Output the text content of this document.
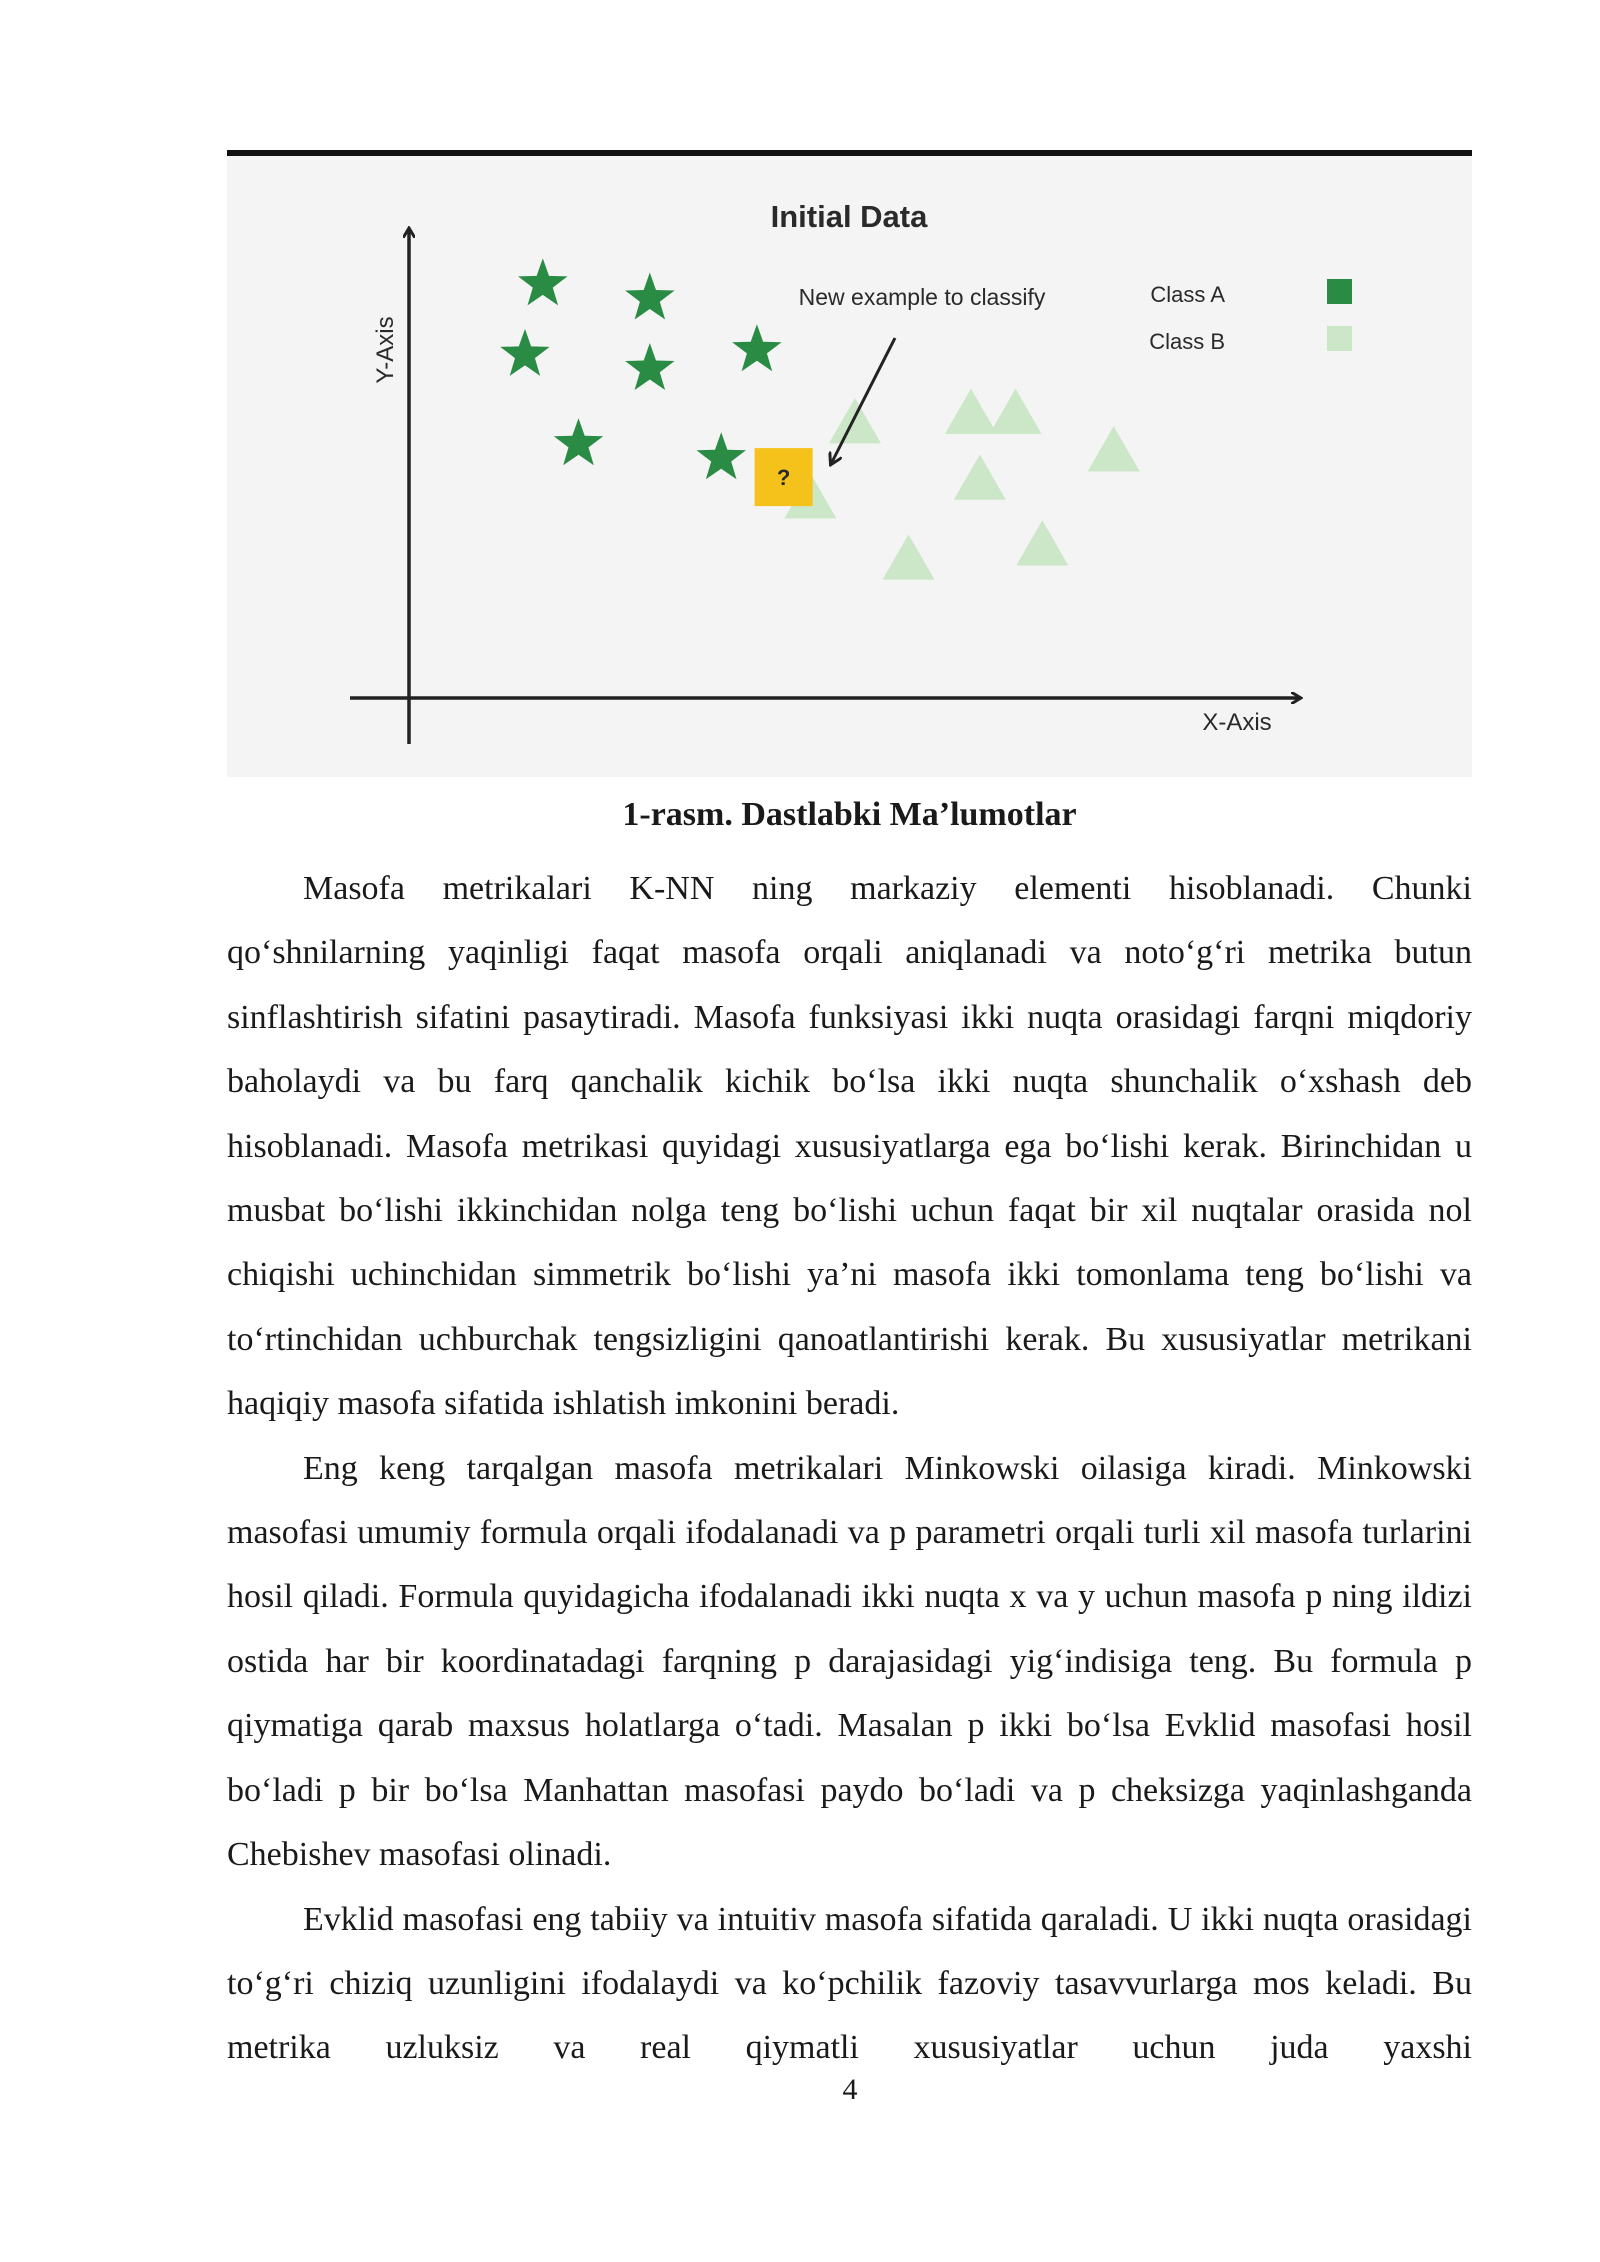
Initial Data
X-Axis
Y-Axis
?
New example to classify	Class A
Class B
1-rasm. Dastlabki Ma’lumotlar

Masofa metrikalari K-NN ning markaziy elementi hisoblanadi. Chunki qo‘shnilarning yaqinligi faqat masofa orqali aniqlanadi va noto‘g‘ri metrika butun sinflashtirish sifatini pasaytiradi. Masofa funksiyasi ikki nuqta orasidagi farqni miqdoriy baholaydi va bu farq qanchalik kichik bo‘lsa ikki nuqta shunchalik o‘xshash deb hisoblanadi. Masofa metrikasi quyidagi xususiyatlarga ega bo‘lishi kerak. Birinchidan u musbat bo‘lishi ikkinchidan nolga teng bo‘lishi uchun faqat bir xil nuqtalar orasida nol chiqishi uchinchidan simmetrik bo‘lishi ya’ni masofa ikki tomonlama teng bo‘lishi va to‘rtinchidan uchburchak tengsizligini qanoatlantirishi kerak. Bu xususiyatlar metrikani haqiqiy masofa sifatida ishlatish imkonini beradi.

Eng keng tarqalgan masofa metrikalari Minkowski oilasiga kiradi. Minkowski masofasi umumiy formula orqali ifodalanadi va p parametri orqali turli xil masofa turlarini hosil qiladi. Formula quyidagicha ifodalanadi ikki nuqta x va y uchun masofa p ning ildizi ostida har bir koordinatadagi farqning p darajasidagi yig‘indisiga teng. Bu formula p qiymatiga qarab maxsus holatlarga o‘tadi. Masalan p ikki bo‘lsa Evklid masofasi hosil bo‘ladi p bir bo‘lsa Manhattan masofasi paydo bo‘ladi va p cheksizga yaqinlashganda Chebishev masofasi olinadi.

Evklid masofasi eng tabiiy va intuitiv masofa sifatida qaraladi. U ikki nuqta orasidagi to‘g‘ri chiziq uzunligini ifodalaydi va ko‘pchilik fazoviy tasavvurlarga mos keladi. Bu metrika uzluksiz va real qiymatli xususiyatlar uchun juda yaxshi

4
